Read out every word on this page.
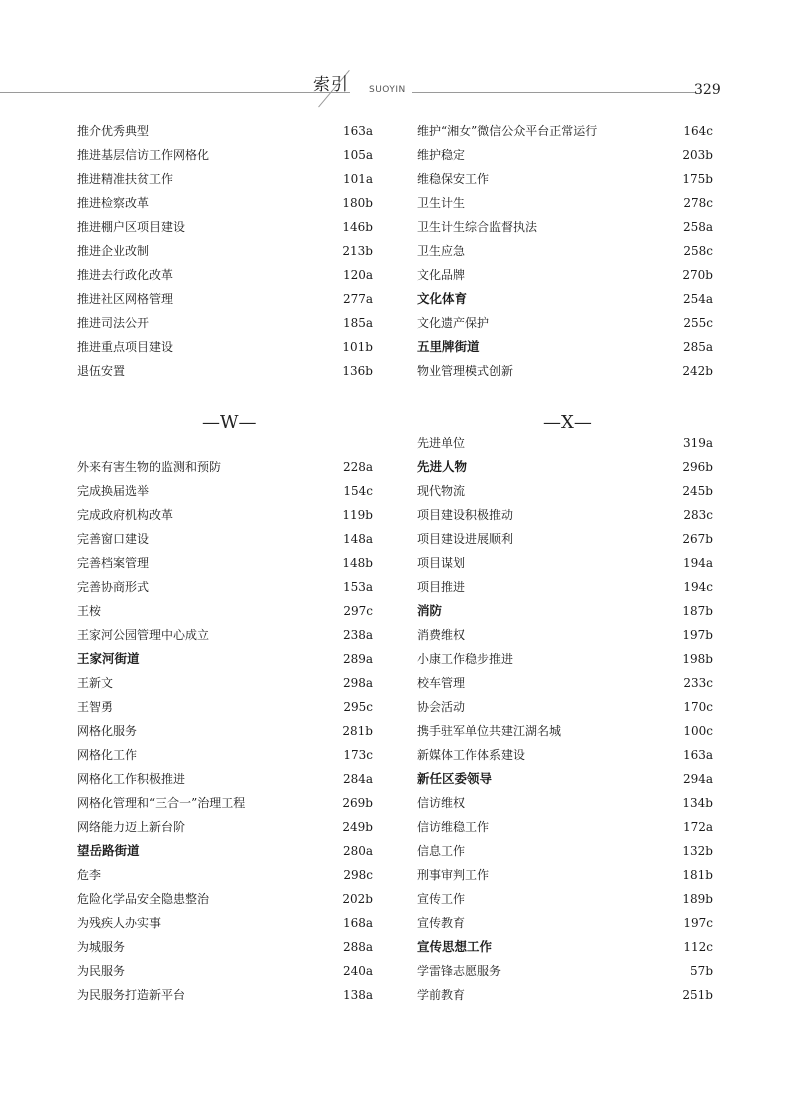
索引 SUOYIN	329
推介优秀典型	163a
推进基层信访工作网格化	105a
推进精准扶贫工作	101a
推进检察改革	180b
推进棚户区项目建设	146b
推进企业改制	213b
推进去行政化改革	120a
推进社区网格管理	277a
推进司法公开	185a
推进重点项目建设	101b
退伍安置	136b
维护“湘女”微信公众平台正常运行	164c
维护稳定	203b
维稳保安工作	175b
卫生计生	278c
卫生计生综合监督执法	258a
卫生应急	258c
文化品牌	270b
文化体育	254a
文化遗产保护	255c
五里牌街道	285a
物业管理模式创新	242b
—W—	—X—
先进单位	319a
先进人物	296b
现代物流	245b
项目建设积极推动	283c
项目建设进展顺利	267b
项目谋划	194a
项目推进	194c
消防	187b
消费维权	197b
小康工作稳步推进	198b
校车管理	233c
协会活动	170c
携手驻军单位共建江湖名城	100c
新媒体工作体系建设	163a
新任区委领导	294a
信访维权	134b
信访维稳工作	172a
信息工作	132b
刑事审判工作	181b
宣传工作	189b
宣传教育	197c
宣传思想工作	112c
学雷锋志愿服务	57b
学前教育	251b
外来有害生物的监测和预防	228a
完成换届选举	154c
完成政府机构改革	119b
完善窗口建设	148a
完善档案管理	148b
完善协商形式	153a
王桉	297c
王家河公园管理中心成立	238a
王家河街道	289a
王新文	298a
王智勇	295c
网格化服务	281b
网格化工作	173c
网格化工作积极推进	284a
网格化管理和“三合一”治理工程	269b
网络能力迈上新台阶	249b
望岳路街道	280a
危李	298c
危险化学品安全隐患整治	202b
为残疾人办实事	168a
为城服务	288a
为民服务	240a
为民服务打造新平台	138a
